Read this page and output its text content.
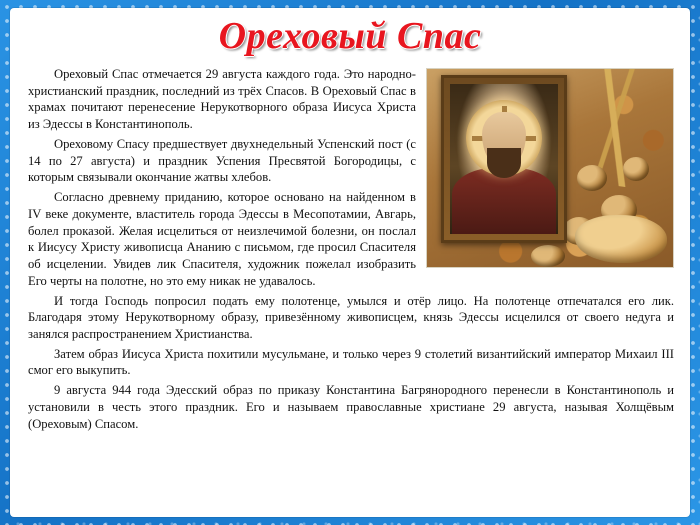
Ореховый Спас

Ореховый Спас отмечается 29 августа каждого года. Это народно-христианский праздник, последний из трёх Спасов. В Ореховый Спас в храмах почитают перенесение Нерукотворного образа Иисуса Христа из Эдессы в Константинополь.

Ореховому Спасу предшествует двухнедельный Успенский пост (с 14 по 27 августа) и праздник Успения Пресвятой Богородицы, с которым связывали окончание жатвы хлебов.

Согласно древнему приданию, которое основано на найденном в IV веке документе, властитель города Эдессы в Месопотамии, Авгарь, болел проказой. Желая исцелиться от неизлечимой болезни, он послал к Иисусу Христу живописца Ананию с письмом, где просил Спасителя об исцелении. Увидев лик Спасителя, художник пожелал изобразить Его черты на полотне, но это ему никак не удавалось.

И тогда Господь попросил подать ему полотенце, умылся и отёр лицо. На полотенце отпечатался его лик. Благодаря этому Нерукотворному образу, привезённому живописцем, князь Эдессы исцелился от своего недуга и занялся распространением Христианства.

Затем образ Иисуса Христа похитили мусульмане, и только через 9 столетий византийский император Михаил III смог его выкупить.

9 августа 944 года Эдесский образ по приказу Константина Багрянородного перенесли в Константинополь и установили в честь этого праздник. Его и называем православные христиане 29 августа, называя Холщёвым (Ореховым) Спасом.
